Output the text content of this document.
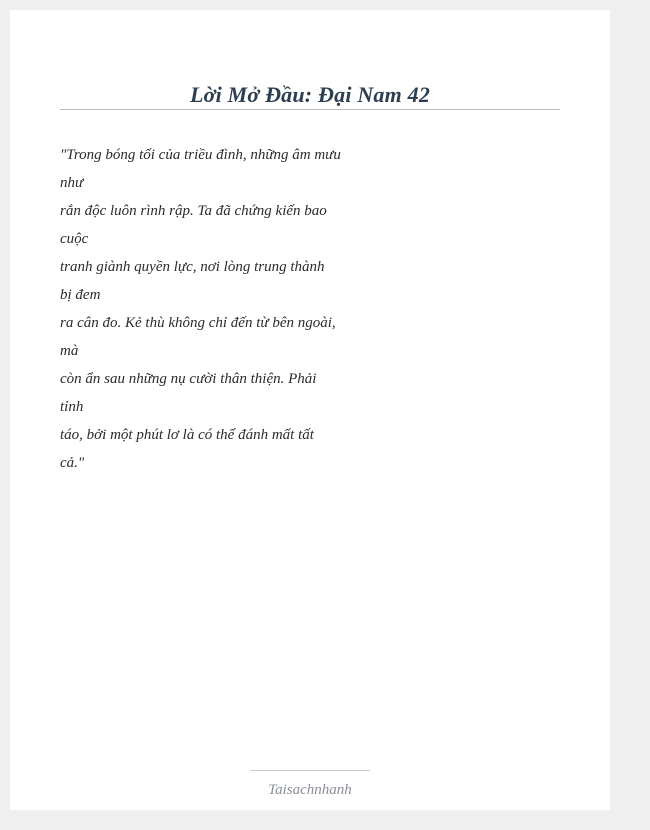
Lời Mở Đầu: Đại Nam 42
"Trong bóng tối của triều đình, những âm mưu
như
rắn độc luôn rình rập. Ta đã chứng kiến bao
cuộc
tranh giành quyền lực, nơi lòng trung thành
bị đem
ra cân đo. Kẻ thù không chỉ đến từ bên ngoài,
mà
còn ẩn sau những nụ cười thân thiện. Phải
tỉnh
táo, bởi một phút lơ là có thể đánh mất tất
cả."
Taisachnhanh
